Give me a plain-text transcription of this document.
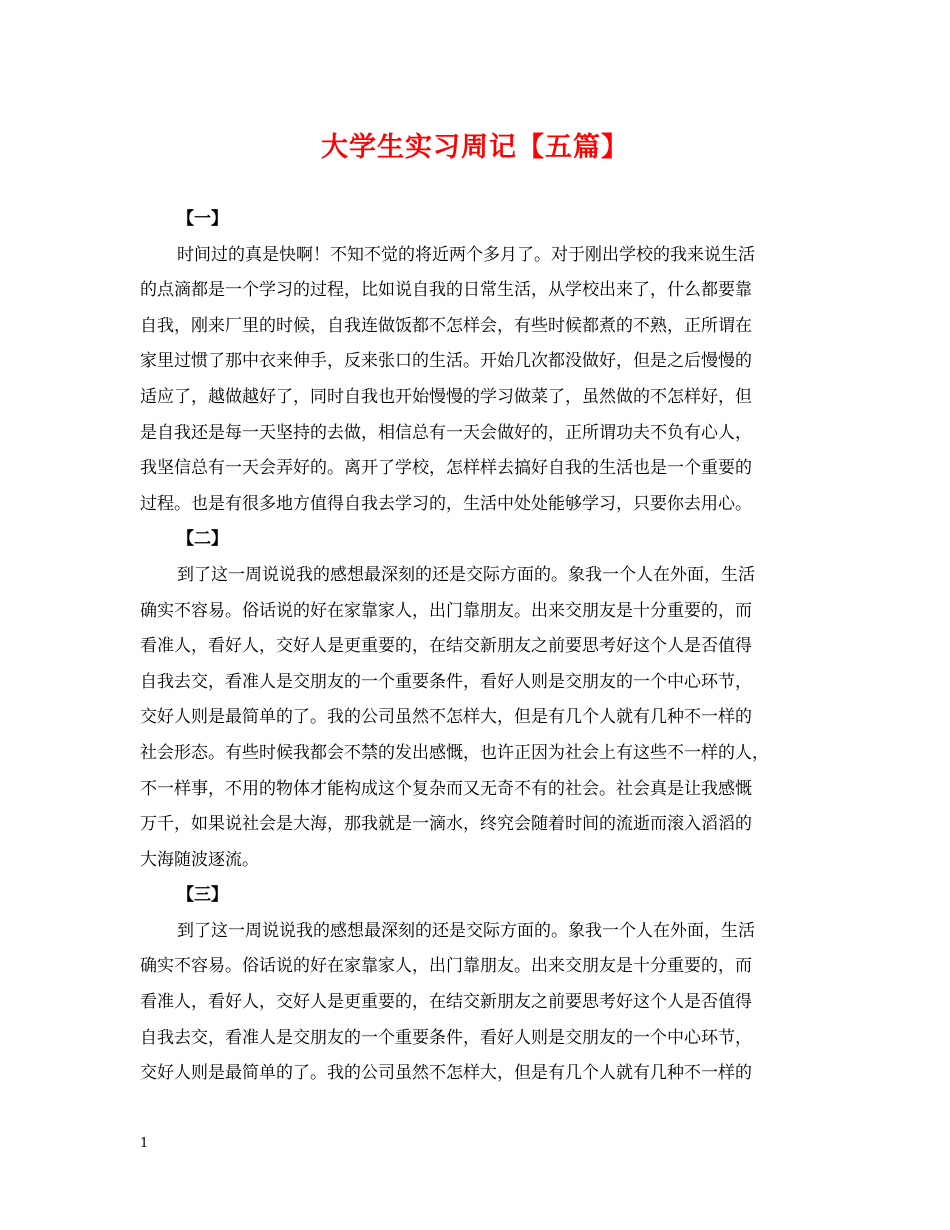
大学生实习周记【五篇】
【一】
时间过的真是快啊！不知不觉的将近两个多月了。对于刚出学校的我来说生活
的点滴都是一个学习的过程，比如说自我的日常生活，从学校出来了，什么都要靠
自我，刚来厂里的时候，自我连做饭都不怎样会，有些时候都煮的不熟，正所谓在
家里过惯了那中衣来伸手，反来张口的生活。开始几次都没做好，但是之后慢慢的
适应了，越做越好了，同时自我也开始慢慢的学习做菜了，虽然做的不怎样好，但
是自我还是每一天坚持的去做，相信总有一天会做好的，正所谓功夫不负有心人，
我坚信总有一天会弄好的。离开了学校，怎样样去搞好自我的生活也是一个重要的
过程。也是有很多地方值得自我去学习的，生活中处处能够学习，只要你去用心。
【二】
到了这一周说说我的感想最深刻的还是交际方面的。象我一个人在外面，生活
确实不容易。俗话说的好在家靠家人，出门靠朋友。出来交朋友是十分重要的，而
看准人，看好人，交好人是更重要的，在结交新朋友之前要思考好这个人是否值得
自我去交，看准人是交朋友的一个重要条件，看好人则是交朋友的一个中心环节，
交好人则是最简单的了。我的公司虽然不怎样大，但是有几个人就有几种不一样的
社会形态。有些时候我都会不禁的发出感慨，也许正因为社会上有这些不一样的人，
不一样事，不用的物体才能构成这个复杂而又无奇不有的社会。社会真是让我感慨
万千，如果说社会是大海，那我就是一滴水，终究会随着时间的流逝而滚入滔滔的
大海随波逐流。
【三】
到了这一周说说我的感想最深刻的还是交际方面的。象我一个人在外面，生活
确实不容易。俗话说的好在家靠家人，出门靠朋友。出来交朋友是十分重要的，而
看准人，看好人，交好人是更重要的，在结交新朋友之前要思考好这个人是否值得
自我去交，看准人是交朋友的一个重要条件，看好人则是交朋友的一个中心环节，
交好人则是最简单的了。我的公司虽然不怎样大，但是有几个人就有几种不一样的
1
